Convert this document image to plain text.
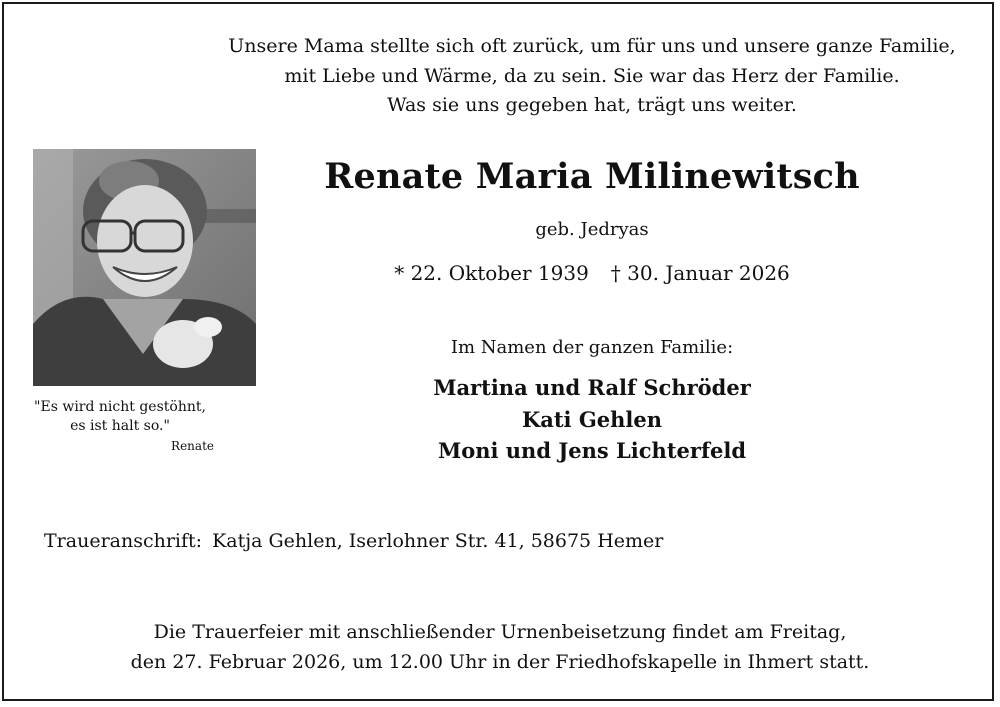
Unsere Mama stellte sich oft zurück, um für uns und unsere ganze Familie,
mit Liebe und Wärme, da zu sein. Sie war das Herz der Familie.
Was sie uns gegeben hat, trägt uns weiter.
"Es wird nicht gestöhnt,
es ist halt so."
Renate
Renate Maria Milinewitsch
geb. Jedryas
* 22. Oktober 1939 † 30. Januar 2026
Im Namen der ganzen Familie:
Martina und Ralf Schröder
Kati Gehlen
Moni und Jens Lichterfeld
Traueranschrift: Katja Gehlen, Iserlohner Str. 41, 58675 Hemer
Die Trauerfeier mit anschließender Urnenbeisetzung findet am Freitag,
den 27. Februar 2026, um 12.00 Uhr in der Friedhofskapelle in Ihmert statt.
